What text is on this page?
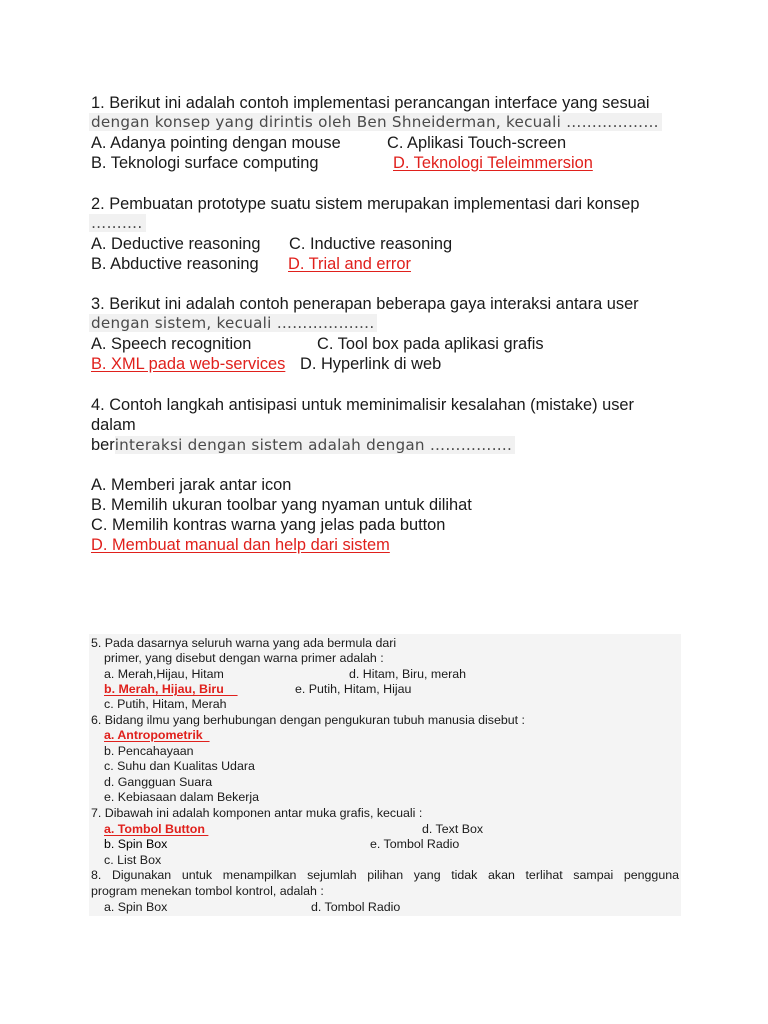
1. Berikut ini adalah contoh implementasi perancangan interface yang sesuai
dengan konsep yang dirintis oleh Ben Shneiderman, kecuali ………………
A. Adanya pointing dengan mouse	C. Aplikasi Touch-screen
B. Teknologi surface computing	D. Teknologi Teleimmersion
2. Pembuatan prototype suatu sistem merupakan implementasi dari konsep
……….
A. Deductive reasoning C. Inductive reasoning
B. Abductive reasoning D. Trial and error
3. Berikut ini adalah contoh penerapan beberapa gaya interaksi antara user
dengan sistem, kecuali ……………….
A. Speech recognition	C. Tool box pada aplikasi grafis
B. XML pada web-services D. Hyperlink di web
4. Contoh langkah antisipasi untuk meminimalisir kesalahan (mistake) user
dalam
berinteraksi dengan sistem adalah dengan …………….
A. Memberi jarak antar icon
B. Memilih ukuran toolbar yang nyaman untuk dilihat
C. Memilih kontras warna yang jelas pada button
D. Membuat manual dan help dari sistem
5. Pada dasarnya seluruh warna yang ada bermula dari
primer, yang disebut dengan warna primer adalah :
a. Merah,Hijau, Hitam	d. Hitam, Biru, merah
b. Merah, Hijau, Biru	e. Putih, Hitam, Hijau
c. Putih, Hitam, Merah
6. Bidang ilmu yang berhubungan dengan pengukuran tubuh manusia disebut :
a. Antropometrik
b. Pencahayaan
c. Suhu dan Kualitas Udara
d. Gangguan Suara
e. Kebiasaan dalam Bekerja
7. Dibawah ini adalah komponen antar muka grafis, kecuali :
a. Tombol Button	d. Text Box
b. Spin Box	e. Tombol Radio
c. List Box
8. Digunakan untuk menampilkan sejumlah pilihan yang tidak akan terlihat sampai pengguna
program menekan tombol kontrol, adalah :
a. Spin Box	d. Tombol Radio
